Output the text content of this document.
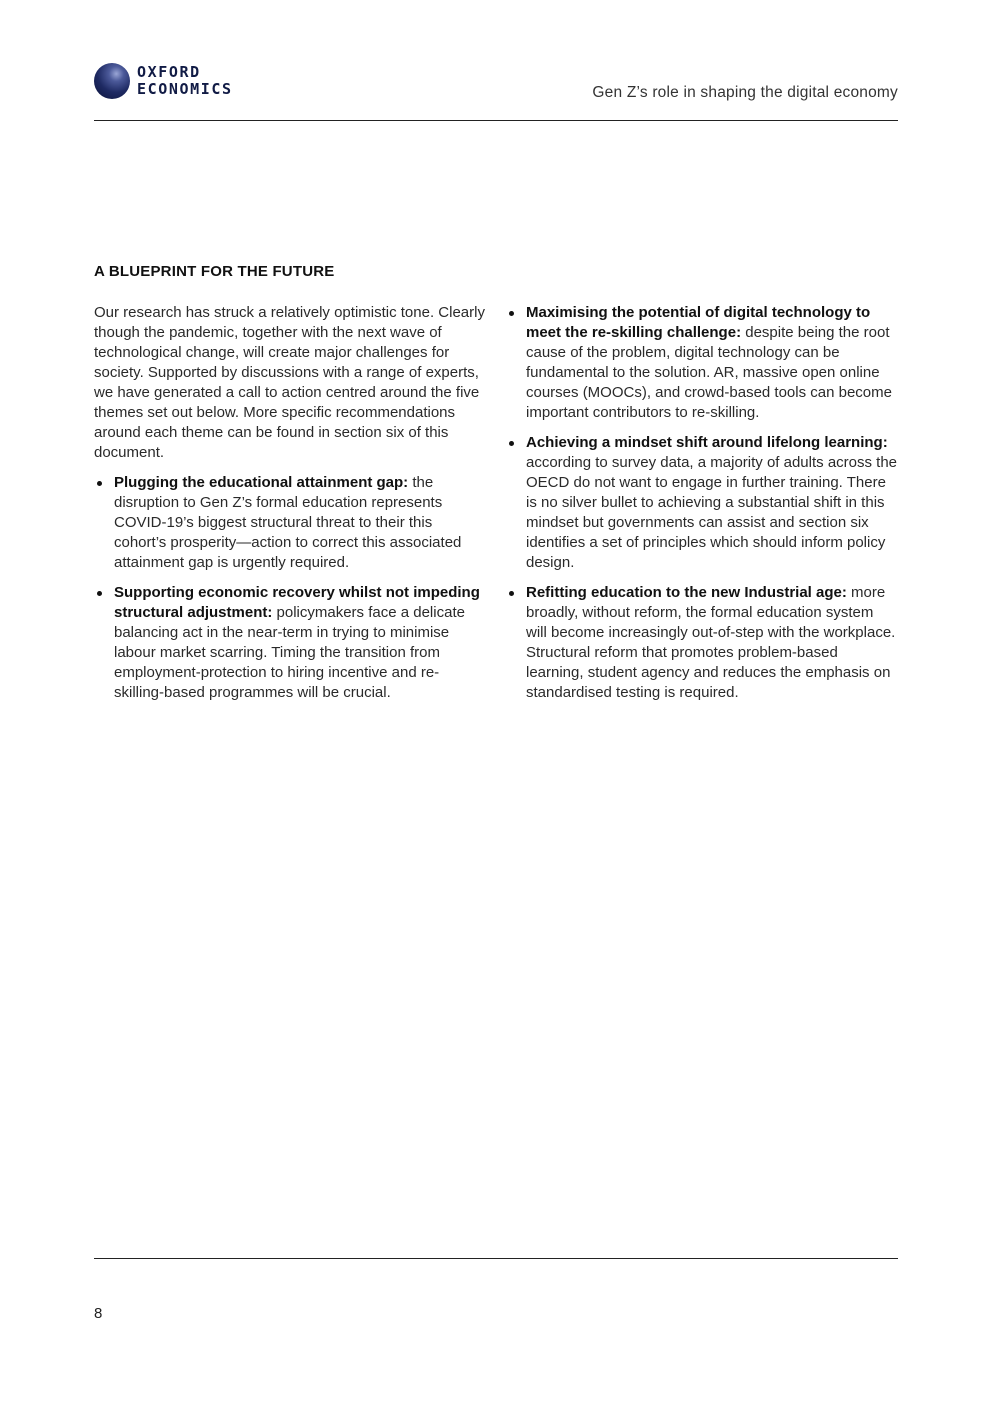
OXFORD
ECONOMICS	Gen Z’s role in shaping the digital economy
A BLUEPRINT FOR THE FUTURE

Our research has struck a relatively optimistic tone. Clearly though the pandemic, together with the next wave of technological change, will create major challenges for society. Supported by discussions with a range of experts, we have generated a call to action centred around the five themes set out below. More specific recommendations around each theme can be found in section six of this document.

Plugging the educational attainment gap: the disruption to Gen Z’s formal education represents COVID-19’s biggest structural threat to their this cohort’s prosperity—action to correct this associated attainment gap is urgently required.
Supporting economic recovery whilst not impeding structural adjustment: policymakers face a delicate balancing act in the near-term in trying to minimise labour market scarring. Timing the transition from employment-protection to hiring incentive and re-skilling-based programmes will be crucial.
Maximising the potential of digital technology to meet the re-skilling challenge: despite being the root cause of the problem, digital technology can be fundamental to the solution. AR, massive open online courses (MOOCs), and crowd-based tools can become important contributors to re-skilling.
Achieving a mindset shift around lifelong learning: according to survey data, a majority of adults across the OECD do not want to engage in further training. There is no silver bullet to achieving a substantial shift in this mindset but governments can assist and section six identifies a set of principles which should inform policy design.
Refitting education to the new Industrial age: more broadly, without reform, the formal education system will become increasingly out-of-step with the workplace. Structural reform that promotes problem-based learning, student agency and reduces the emphasis on standardised testing is required.
8
